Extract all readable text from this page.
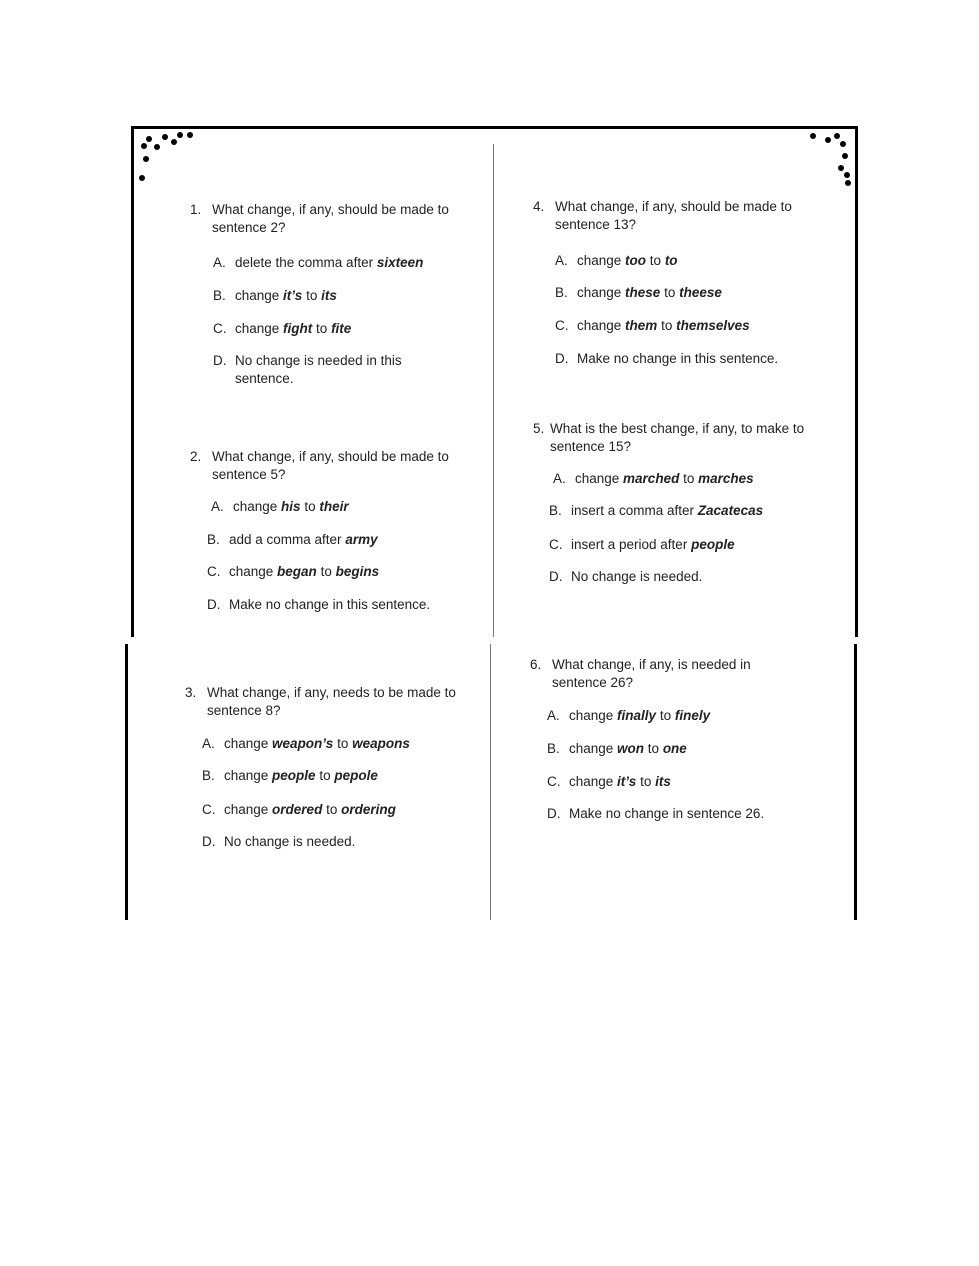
1. What change, if any, should be made to sentence 2?
A. delete the comma after sixteen
B. change it’s to its
C. change fight to fite
D. No change is needed in this sentence.
2. What change, if any, should be made to sentence 5?
A. change his to their
B. add a comma after army
C. change began to begins
D. Make no change in this sentence.
3. What change, if any, needs to be made to sentence 8?
A. change weapon’s to weapons
B. change people to pepole
C. change ordered to ordering
D. No change is needed.
4. What change, if any, should be made to sentence 13?
A. change too to to
B. change these to theese
C. change them to themselves
D. Make no change in this sentence.
5. What is the best change, if any, to make to sentence 15?
A. change marched to marches
B. insert a comma after Zacatecas
C. insert a period after people
D. No change is needed.
6. What change, if any, is needed in sentence 26?
A. change finally to finely
B. change won to one
C. change it’s to its
D. Make no change in sentence 26.
